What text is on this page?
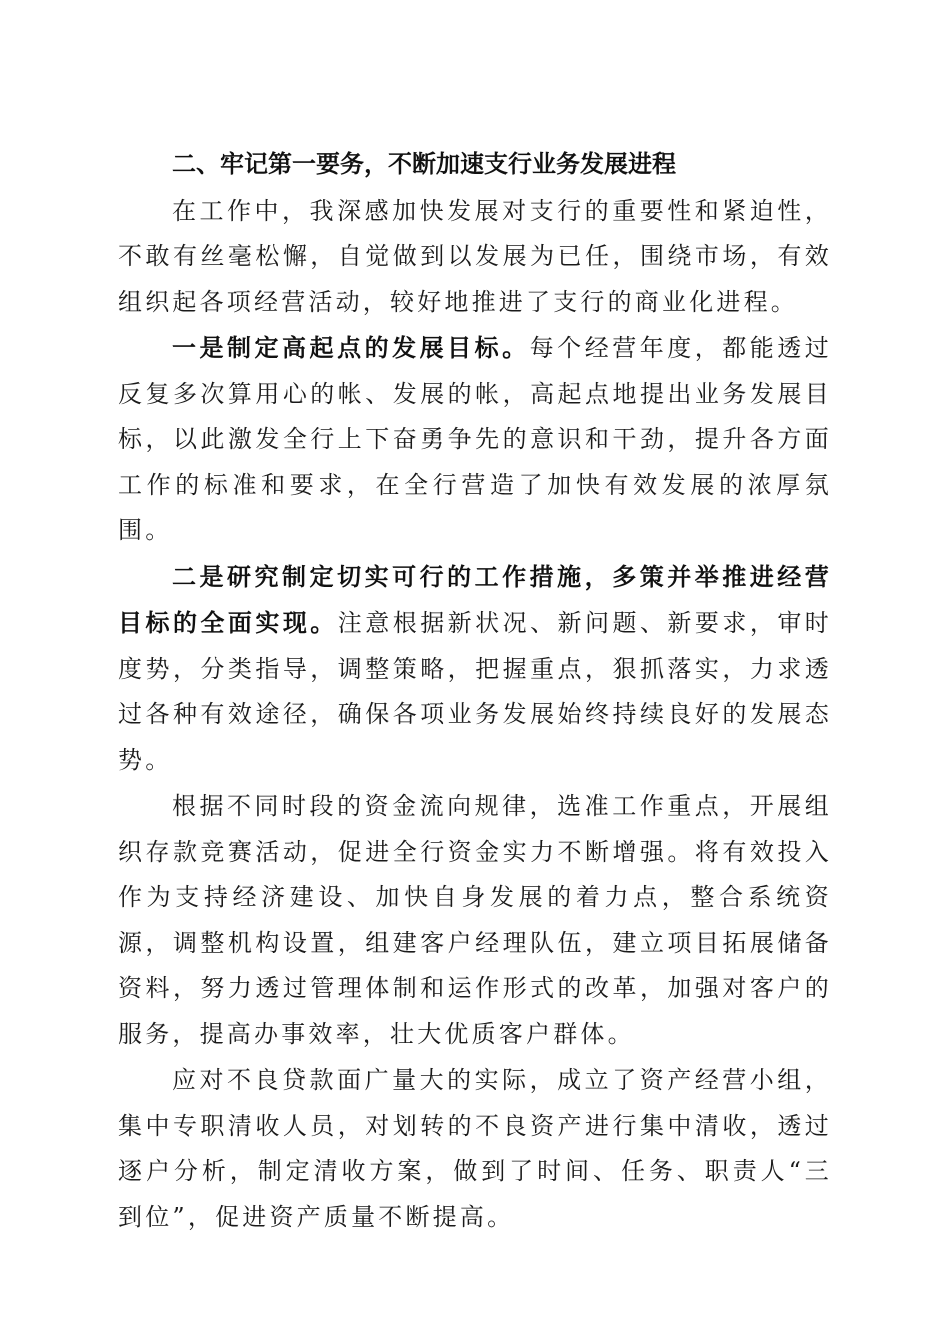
二、牢记第一要务，不断加速支行业务发展进程

在工作中，我深感加快发展对支行的重要性和紧迫性，不敢有丝毫松懈，自觉做到以发展为已任，围绕市场，有效组织起各项经营活动，较好地推进了支行的商业化进程。

一是制定高起点的发展目标。每个经营年度，都能透过反复多次算用心的帐、发展的帐，高起点地提出业务发展目标，以此激发全行上下奋勇争先的意识和干劲，提升各方面工作的标准和要求，在全行营造了加快有效发展的浓厚氛围。

二是研究制定切实可行的工作措施，多策并举推进经营目标的全面实现。注意根据新状况、新问题、新要求，审时度势，分类指导，调整策略，把握重点，狠抓落实，力求透过各种有效途径，确保各项业务发展始终持续良好的发展态势。

根据不同时段的资金流向规律，选准工作重点，开展组织存款竞赛活动，促进全行资金实力不断增强。将有效投入作为支持经济建设、加快自身发展的着力点，整合系统资源，调整机构设置，组建客户经理队伍，建立项目拓展储备资料，努力透过管理体制和运作形式的改革，加强对客户的服务，提高办事效率，壮大优质客户群体。

应对不良贷款面广量大的实际，成立了资产经营小组，集中专职清收人员，对划转的不良资产进行集中清收，透过逐户分析，制定清收方案，做到了时间、任务、职责人“三到位”，促进资产质量不断提高。
